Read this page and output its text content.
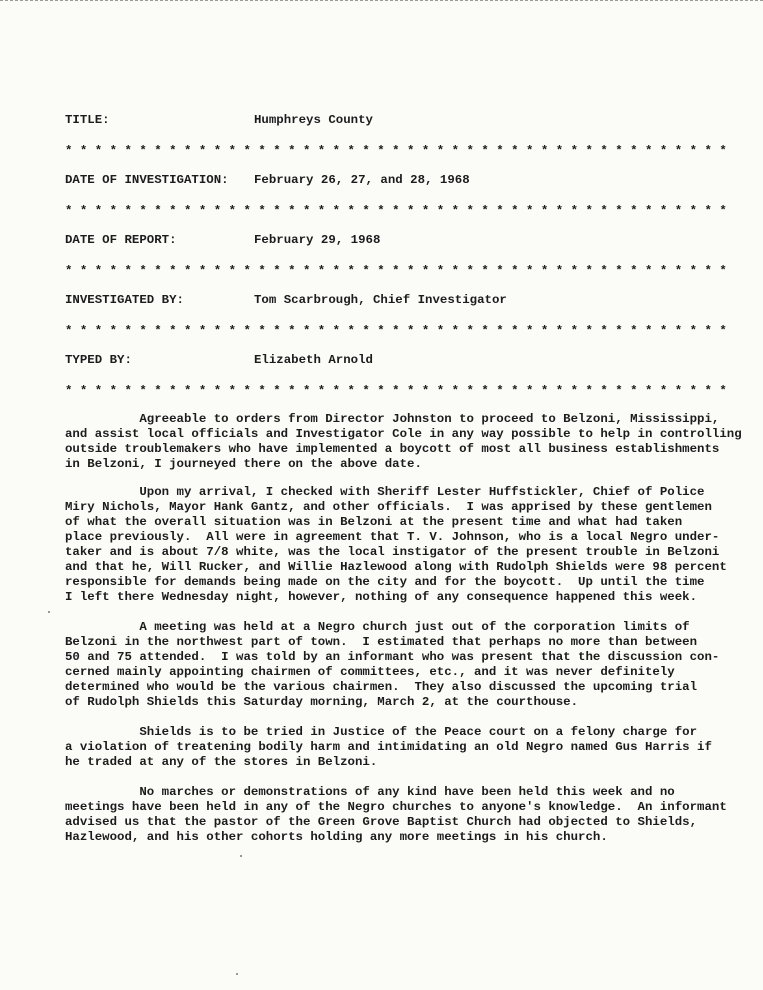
TITLE:	Humphreys County
* * * * * * * * * * * * * * * * * * * * * * * * * * * * * * * * * * * * * * * * * * * * *
DATE OF INVESTIGATION: February 26, 27, and 28, 1968
* * * * * * * * * * * * * * * * * * * * * * * * * * * * * * * * * * * * * * * * * * * * *
DATE OF REPORT:	February 29, 1968
* * * * * * * * * * * * * * * * * * * * * * * * * * * * * * * * * * * * * * * * * * * * *
INVESTIGATED BY:	Tom Scarbrough, Chief Investigator
* * * * * * * * * * * * * * * * * * * * * * * * * * * * * * * * * * * * * * * * * * * * *
TYPED BY:	Elizabeth Arnold
* * * * * * * * * * * * * * * * * * * * * * * * * * * * * * * * * * * * * * * * * * * * *
Agreeable to orders from Director Johnston to proceed to Belzoni, Mississippi,
and assist local officials and Investigator Cole in any way possible to help in controlling
outside troublemakers who have implemented a boycott of most all business establishments
in Belzoni, I journeyed there on the above date.
Upon my arrival, I checked with Sheriff Lester Huffstickler, Chief of Police
Miry Nichols, Mayor Hank Gantz, and other officials.  I was apprised by these gentlemen
of what the overall situation was in Belzoni at the present time and what had taken
place previously.  All were in agreement that T. V. Johnson, who is a local Negro under-
taker and is about 7/8 white, was the local instigator of the present trouble in Belzoni
and that he, Will Rucker, and Willie Hazlewood along with Rudolph Shields were 98 percent
responsible for demands being made on the city and for the boycott.  Up until the time
I left there Wednesday night, however, nothing of any consequence happened this week.
A meeting was held at a Negro church just out of the corporation limits of
Belzoni in the northwest part of town.  I estimated that perhaps no more than between
50 and 75 attended.  I was told by an informant who was present that the discussion con-
cerned mainly appointing chairmen of committees, etc., and it was never definitely
determined who would be the various chairmen.  They also discussed the upcoming trial
of Rudolph Shields this Saturday morning, March 2, at the courthouse.
Shields is to be tried in Justice of the Peace court on a felony charge for
a violation of treatening bodily harm and intimidating an old Negro named Gus Harris if
he traded at any of the stores in Belzoni.
No marches or demonstrations of any kind have been held this week and no
meetings have been held in any of the Negro churches to anyone's knowledge.  An informant
advised us that the pastor of the Green Grove Baptist Church had objected to Shields,
Hazlewood, and his other cohorts holding any more meetings in his church.
